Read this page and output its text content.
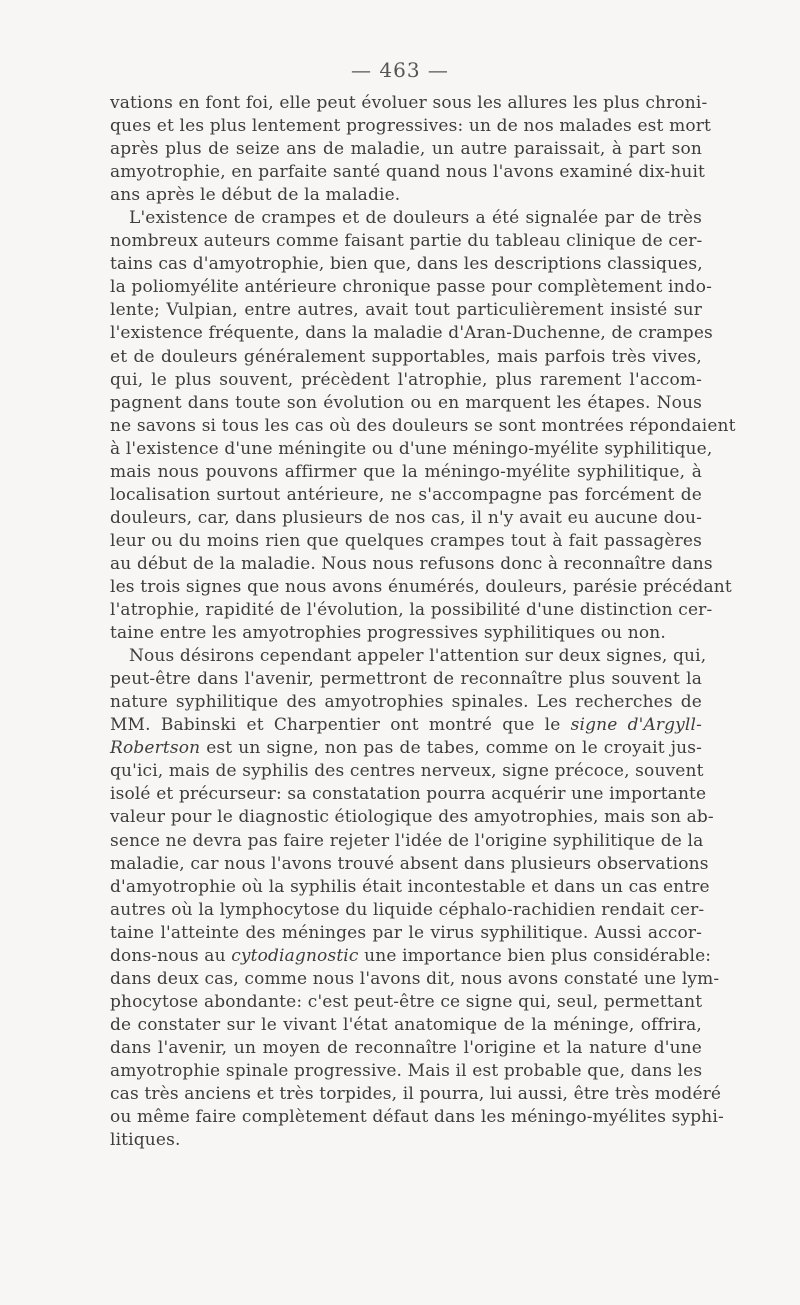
— 463 —
vations en font foi, elle peut évoluer sous les allures les plus chroni-
ques et les plus lentement progressives: un de nos malades est mort
après plus de seize ans de maladie, un autre paraissait, à part son
amyotrophie, en parfaite santé quand nous l'avons examiné dix-huit
ans après le début de la maladie.
L'existence de crampes et de douleurs a été signalée par de très
nombreux auteurs comme faisant partie du tableau clinique de cer-
tains cas d'amyotrophie, bien que, dans les descriptions classiques,
la poliomyélite antérieure chronique passe pour complètement indo-
lente; Vulpian, entre autres, avait tout particulièrement insisté sur
l'existence fréquente, dans la maladie d'Aran-Duchenne, de crampes
et de douleurs généralement supportables, mais parfois très vives,
qui, le plus souvent, précèdent l'atrophie, plus rarement l'accom-
pagnent dans toute son évolution ou en marquent les étapes. Nous
ne savons si tous les cas où des douleurs se sont montrées répondaient
à l'existence d'une méningite ou d'une méningo-myélite syphilitique,
mais nous pouvons affirmer que la méningo-myélite syphilitique, à
localisation surtout antérieure, ne s'accompagne pas forcément de
douleurs, car, dans plusieurs de nos cas, il n'y avait eu aucune dou-
leur ou du moins rien que quelques crampes tout à fait passagères
au début de la maladie. Nous nous refusons donc à reconnaître dans
les trois signes que nous avons énumérés, douleurs, parésie précédant
l'atrophie, rapidité de l'évolution, la possibilité d'une distinction cer-
taine entre les amyotrophies progressives syphilitiques ou non.
Nous désirons cependant appeler l'attention sur deux signes, qui,
peut-être dans l'avenir, permettront de reconnaître plus souvent la
nature syphilitique des amyotrophies spinales. Les recherches de
MM. Babinski et Charpentier ont montré que le signe d'Argyll-
Robertson est un signe, non pas de tabes, comme on le croyait jus-
qu'ici, mais de syphilis des centres nerveux, signe précoce, souvent
isolé et précurseur: sa constatation pourra acquérir une importante
valeur pour le diagnostic étiologique des amyotrophies, mais son ab-
sence ne devra pas faire rejeter l'idée de l'origine syphilitique de la
maladie, car nous l'avons trouvé absent dans plusieurs observations
d'amyotrophie où la syphilis était incontestable et dans un cas entre
autres où la lymphocytose du liquide céphalo-rachidien rendait cer-
taine l'atteinte des méninges par le virus syphilitique. Aussi accor-
dons-nous au cytodiagnostic une importance bien plus considérable:
dans deux cas, comme nous l'avons dit, nous avons constaté une lym-
phocytose abondante: c'est peut-être ce signe qui, seul, permettant
de constater sur le vivant l'état anatomique de la méninge, offrira,
dans l'avenir, un moyen de reconnaître l'origine et la nature d'une
amyotrophie spinale progressive. Mais il est probable que, dans les
cas très anciens et très torpides, il pourra, lui aussi, être très modéré
ou même faire complètement défaut dans les méningo-myélites syphi-
litiques.
